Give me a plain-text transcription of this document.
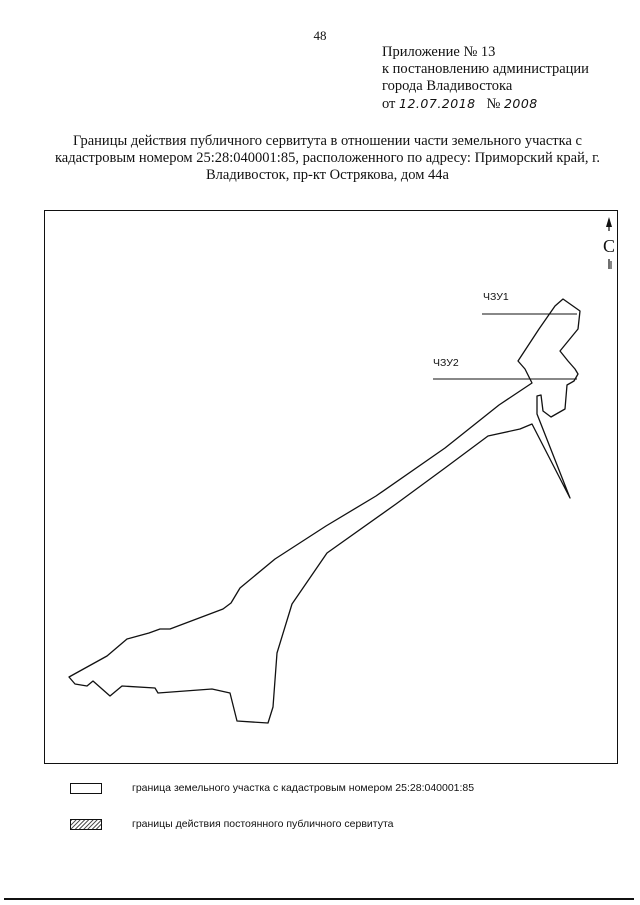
48
Приложение № 13
к постановлению администрации
города Владивостока
от 12.07.2018 № 2008
Границы действия публичного сервитута в отношении части земельного участка с кадастровым номером 25:28:040001:85, расположенного по адресу: Приморский край, г. Владивосток, пр-кт Острякова, дом 44а
С
ЧЗУ1
ЧЗУ2
граница земельного участка с кадастровым номером 25:28:040001:85
границы действия постоянного публичного сервитута
